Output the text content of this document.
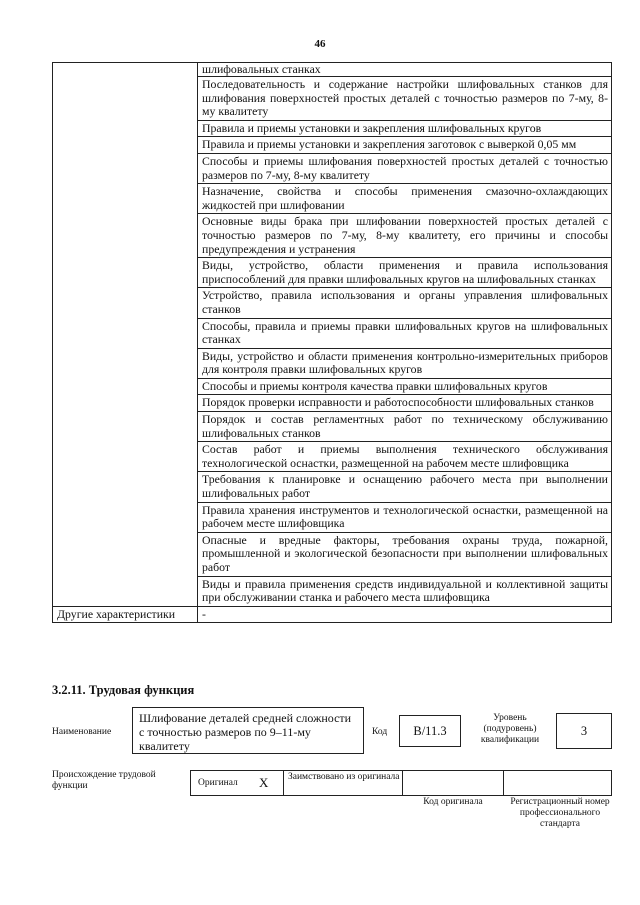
46
	шлифовальных станках
	Последовательность и содержание настройки шлифовальных станков для шлифования поверхностей простых деталей с точностью размеров по 7-му, 8-му квалитету
	Правила и приемы установки и закрепления шлифовальных кругов
	Правила и приемы установки и закрепления заготовок с выверкой 0,05 мм
	Способы и приемы шлифования поверхностей простых деталей с точностью размеров по 7-му, 8-му квалитету
	Назначение, свойства и способы применения смазочно-охлаждающих жидкостей при шлифовании
	Основные виды брака при шлифовании поверхностей простых деталей с точностью размеров по 7-му, 8-му квалитету, его причины и способы предупреждения и устранения
	Виды, устройство, области применения и правила использования приспособлений для правки шлифовальных кругов на шлифовальных станках
	Устройство, правила использования и органы управления шлифовальных станков
	Способы, правила и приемы правки шлифовальных кругов на шлифовальных станках
	Виды, устройство и области применения контрольно-измерительных приборов для контроля правки шлифовальных кругов
	Способы и приемы контроля качества правки шлифовальных кругов
	Порядок проверки исправности и работоспособности шлифовальных станков
	Порядок и состав регламентных работ по техническому обслуживанию шлифовальных станков
	Состав работ и приемы выполнения технического обслуживания технологической оснастки, размещенной на рабочем месте шлифовщика
	Требования к планировке и оснащению рабочего места при выполнении шлифовальных работ
	Правила хранения инструментов и технологической оснастки, размещенной на рабочем месте шлифовщика
	Опасные и вредные факторы, требования охраны труда, пожарной, промышленной и экологической безопасности при выполнении шлифовальных работ
	Виды и правила применения средств индивидуальной и коллективной защиты при обслуживании станка и рабочего места шлифовщика
Другие характеристики	-
3.2.11. Трудовая функция
Наименование
Шлифование деталей средней сложности с точностью размеров по 9–11-му квалитету
Код	B/11.3
Уровень (подуровень) квалификации
3
Происхождение трудовой функции	Оригинал X Заимствовано из оригинала
Код оригинала	Регистрационный номер профессионального стандарта
